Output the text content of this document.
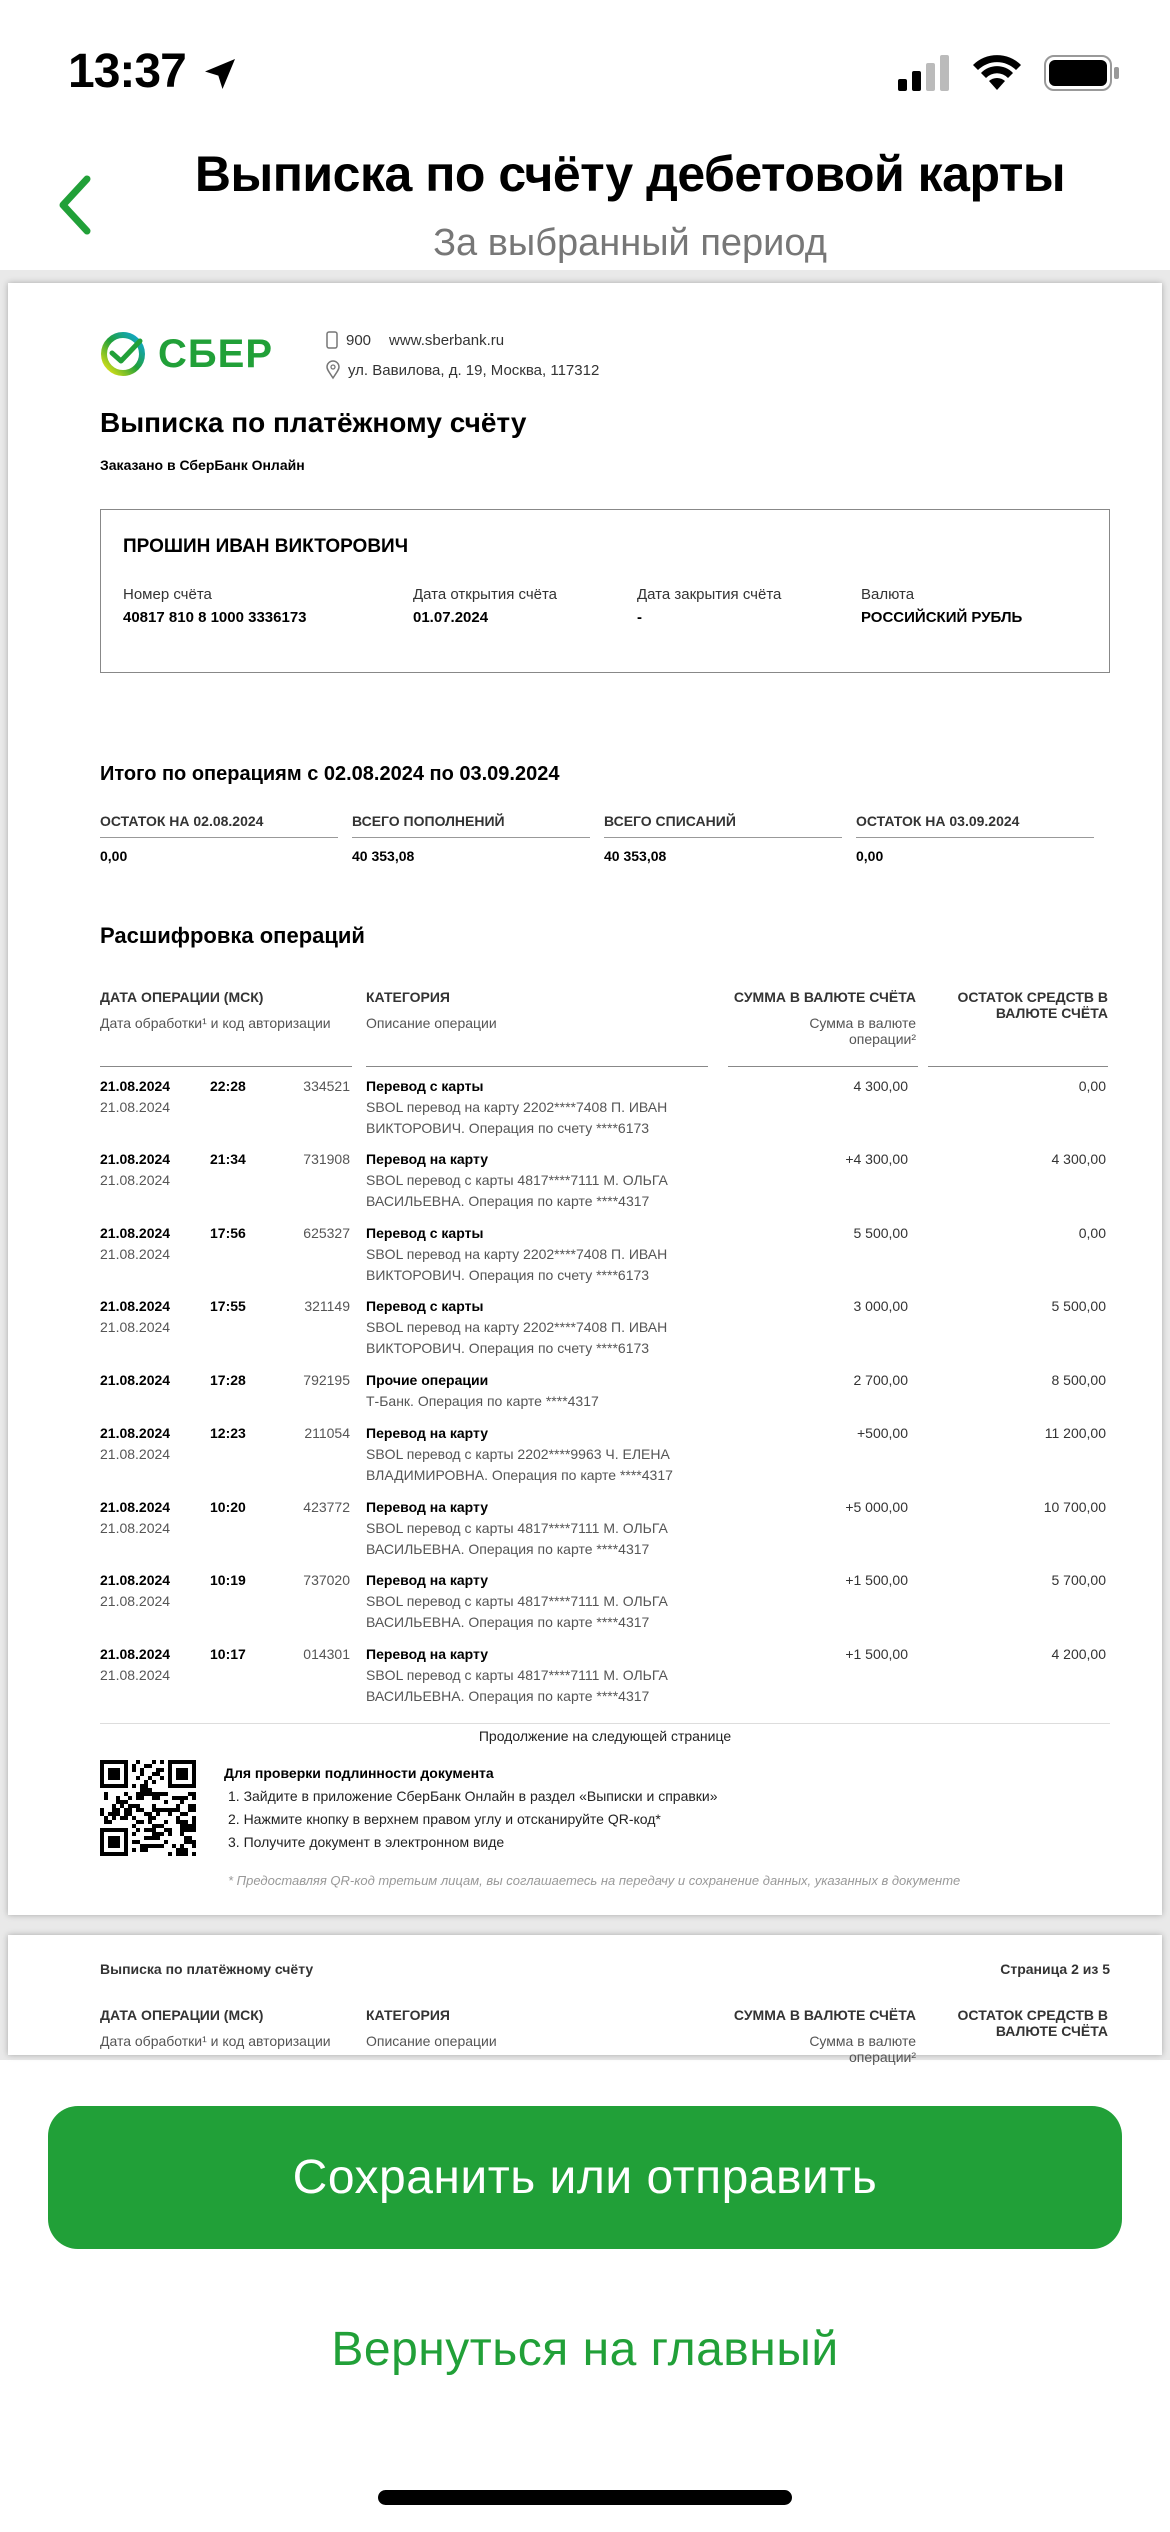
13:37
Выписка по счёту дебетовой карты
За выбранный период
СБЕР	900 www.sberbank.ru
ул. Вавилова, д. 19, Москва, 117312
Выписка по платёжному счёту
Заказано в СберБанк Онлайн
ПРОШИН ИВАН ВИКТОРОВИЧ
Номер счёта
40817 810 8 1000 3336173
Дата открытия счёта
01.07.2024
Дата закрытия счёта
-
Валюта
РОССИЙСКИЙ РУБЛЬ
Итого по операциям с 02.08.2024 по 03.09.2024
ОСТАТОК НА 02.08.2024
0,00
ВСЕГО ПОПОЛНЕНИЙ
40 353,08
ВСЕГО СПИСАНИЙ
40 353,08
ОСТАТОК НА 03.09.2024
0,00
Расшифровка операций
ДАТА ОПЕРАЦИИ (МСК)
Дата обработки¹ и код авторизации
КАТЕГОРИЯ
Описание операции
СУММА В ВАЛЮТЕ СЧЁТА
Сумма в валюте операции²
ОСТАТОК СРЕДСТВ В ВАЛЮТЕ СЧЁТА
21.08.2024	22:28	334521
21.08.2024
Перевод с карты
SBOL перевод на карту 2202****7408 П. ИВАН ВИКТОРОВИЧ. Операция по счету ****6173
4 300,00	0,00
21.08.2024	21:34	731908
21.08.2024
Перевод на карту
SBOL перевод с карты 4817****7111 М. ОЛЬГА ВАСИЛЬЕВНА. Операция по карте ****4317
+4 300,00	4 300,00
21.08.2024	17:56	625327
21.08.2024
Перевод с карты
SBOL перевод на карту 2202****7408 П. ИВАН ВИКТОРОВИЧ. Операция по счету ****6173
5 500,00	0,00
21.08.2024	17:55	321149
21.08.2024
Перевод с карты
SBOL перевод на карту 2202****7408 П. ИВАН ВИКТОРОВИЧ. Операция по счету ****6173
3 000,00	5 500,00
21.08.2024	17:28	792195 Прочие операции
Т-Банк. Операция по карте ****4317
2 700,00	8 500,00
21.08.2024	12:23	211054
21.08.2024
Перевод на карту
SBOL перевод с карты 2202****9963 Ч. ЕЛЕНА ВЛАДИМИРОВНА. Операция по карте ****4317
+500,00	11 200,00
21.08.2024	10:20	423772
21.08.2024
Перевод на карту
SBOL перевод с карты 4817****7111 М. ОЛЬГА ВАСИЛЬЕВНА. Операция по карте ****4317
+5 000,00	10 700,00
21.08.2024	10:19	737020
21.08.2024
Перевод на карту
SBOL перевод с карты 4817****7111 М. ОЛЬГА ВАСИЛЬЕВНА. Операция по карте ****4317
+1 500,00	5 700,00
21.08.2024	10:17	014301
21.08.2024
Перевод на карту
SBOL перевод с карты 4817****7111 М. ОЛЬГА ВАСИЛЬЕВНА. Операция по карте ****4317
+1 500,00	4 200,00
Продолжение на следующей странице
Для проверки подлинности документа
1. Зайдите в приложение СберБанк Онлайн в раздел «Выписки и справки»
2. Нажмите кнопку в верхнем правом углу и отсканируйте QR-код*
3. Получите документ в электронном виде
* Предоставляя QR-код третьим лицам, вы соглашаетесь на передачу и сохранение данных, указанных в документе
Выписка по платёжному счёту	Страница 2 из 5
ДАТА ОПЕРАЦИИ (МСК)
Дата обработки¹ и код авторизации
КАТЕГОРИЯ
Описание операции
СУММА В ВАЛЮТЕ СЧЁТА
Сумма в валюте операции²
ОСТАТОК СРЕДСТВ В ВАЛЮТЕ СЧЁТА
Сохранить или отправить
Вернуться на главный
